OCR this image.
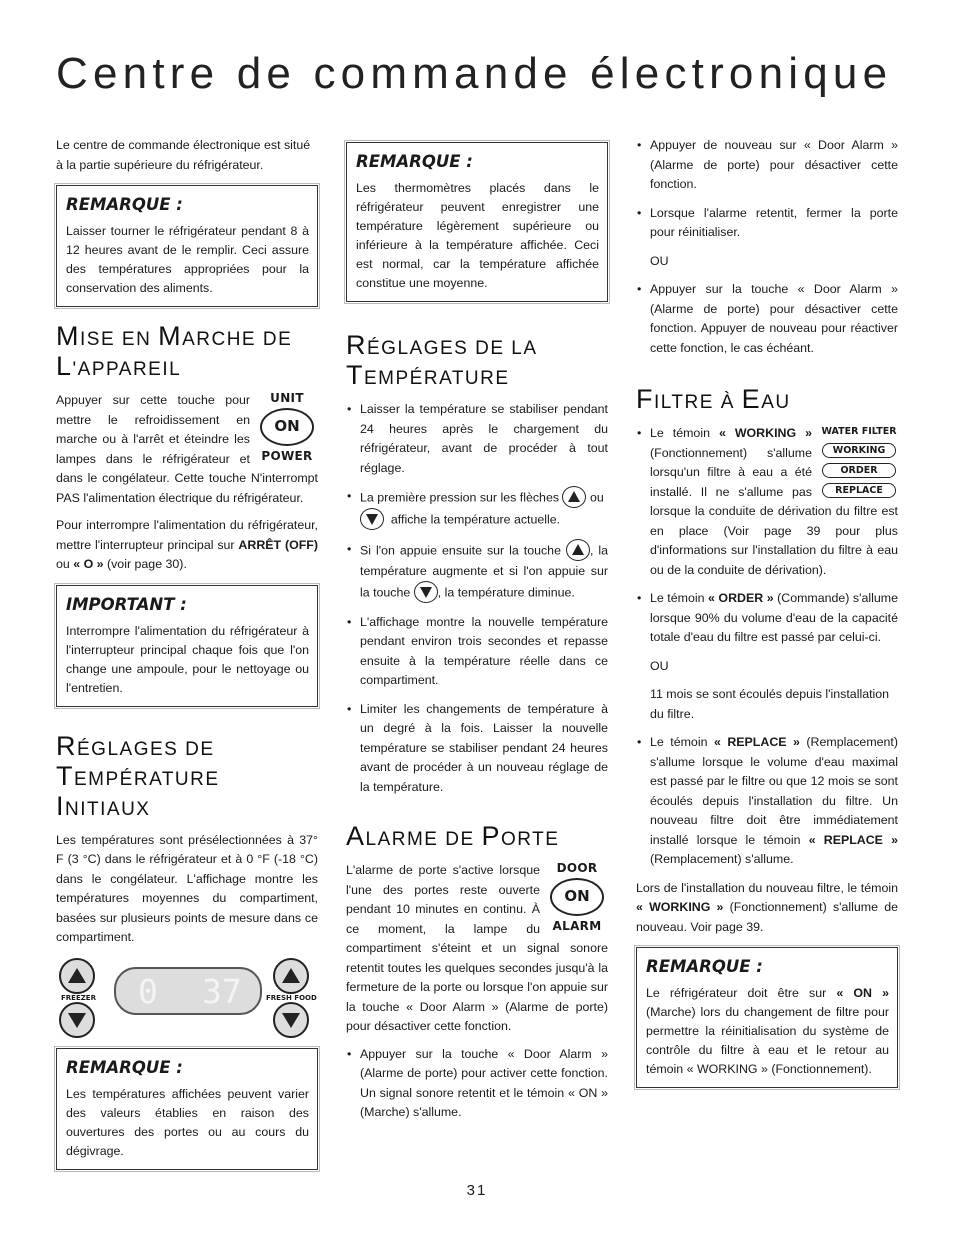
Centre de commande électronique

Le centre de commande électronique est situé à la partie supérieure du réfrigérateur.

REMARQUE :

Laisser tourner le réfrigérateur pendant 8 à 12 heures avant de le remplir. Ceci assure des températures appropriées pour la conservation des aliments.

MISE EN MARCHE DE
L'APPAREIL
UNIT
ON
POWER

Appuyer sur cette touche pour mettre le refroidissement en marche ou à l'arrêt et éteindre les lampes dans le réfrigérateur et dans le congélateur. Cette touche N'interrompt PAS l'alimentation électrique du réfrigérateur.

Pour interrompre l'alimentation du réfrigérateur, mettre l'interrupteur principal sur ARRÊT (OFF) ou « O » (voir page 30).

IMPORTANT :

Interrompre l'alimentation du réfrigérateur à l'interrupteur principal chaque fois que l'on change une ampoule, pour le nettoyage ou l'entretien.

RÉGLAGES DE
TEMPÉRATURE INITIAUX

Les températures sont présélectionnées à 37° F (3 °C) dans le réfrigérateur et à 0 °F (-18 °C) dans le congélateur. L'affichage montre les températures moyennes du compartiment, basées sur plusieurs points de mesure dans ce compartiment.

FREEZER 0 37	FRESH FOOD
REMARQUE :

Les températures affichées peuvent varier des valeurs établies en raison des ouvertures des portes ou au cours du dégivrage.

REMARQUE :

Les thermomètres placés dans le réfrigérateur peuvent enregistrer une température légèrement supérieure ou inférieure à la température affichée. Ceci est normal, car la température affichée constitue une moyenne.

RÉGLAGES DE LA
TEMPÉRATURE
• Laisser la température se stabiliser pendant 24 heures après le chargement du réfrigérateur, avant de procéder à tout réglage.
• La première pression sur les flèches ou

affiche la température actuelle.
• Si l'on appuie ensuite sur la touche , la température augmente et si l'on appuie sur la touche , la température diminue.
• L'affichage montre la nouvelle température pendant environ trois secondes et repasse ensuite à la température réelle dans ce compartiment.
• Limiter les changements de température à un degré à la fois. Laisser la nouvelle température se stabiliser pendant 24 heures avant de procéder à un nouveau réglage de la température.
ALARME DE PORTE
DOOR
ON
ALARM

L'alarme de porte s'active lorsque l'une des portes reste ouverte pendant 10 minutes en continu. À ce moment, la lampe du compartiment s'éteint et un signal sonore retentit toutes les quelques secondes jusqu'à la fermeture de la porte ou lorsque l'on appuie sur la touche « Door Alarm » (Alarme de porte) pour désactiver cette fonction.

• Appuyer sur la touche « Door Alarm » (Alarme de porte) pour activer cette fonction. Un signal sonore retentit et le témoin « ON » (Marche) s'allume.
• Appuyer de nouveau sur « Door Alarm » (Alarme de porte) pour désactiver cette fonction.
• Lorsque l'alarme retentit, fermer la porte pour réinitialiser.

OU

• Appuyer sur la touche « Door Alarm » (Alarme de porte) pour désactiver cette fonction. Appuyer de nouveau pour réactiver cette fonction, le cas échéant.
FILTRE À EAU
WATER FILTER
WORKING
ORDER
REPLACE
• Le témoin « WORKING » (Fonctionnement) s'allume lorsqu'un filtre à eau a été installé. Il ne s'allume pas lorsque la conduite de dérivation du filtre est en place (Voir page 39 pour plus d'informations sur l'installation du filtre à eau ou de la conduite de dérivation).
• Le témoin « ORDER » (Commande) s'allume lorsque 90% du volume d'eau de la capacité totale d'eau du filtre est passé par celui-ci.

OU

11 mois se sont écoulés depuis l'installation du filtre.

• Le témoin « REPLACE » (Remplacement) s'allume lorsque le volume d'eau maximal est passé par le filtre ou que 12 mois se sont écoulés depuis l'installation du filtre. Un nouveau filtre doit être immédiatement installé lorsque le témoin « REPLACE » (Remplacement) s'allume.

Lors de l'installation du nouveau filtre, le témoin « WORKING » (Fonctionnement) s'allume de nouveau. Voir page 39.

REMARQUE :

Le réfrigérateur doit être sur « ON » (Marche) lors du changement de filtre pour permettre la réinitialisation du système de contrôle du filtre à eau et le retour au témoin « WORKING » (Fonctionnement).

31
